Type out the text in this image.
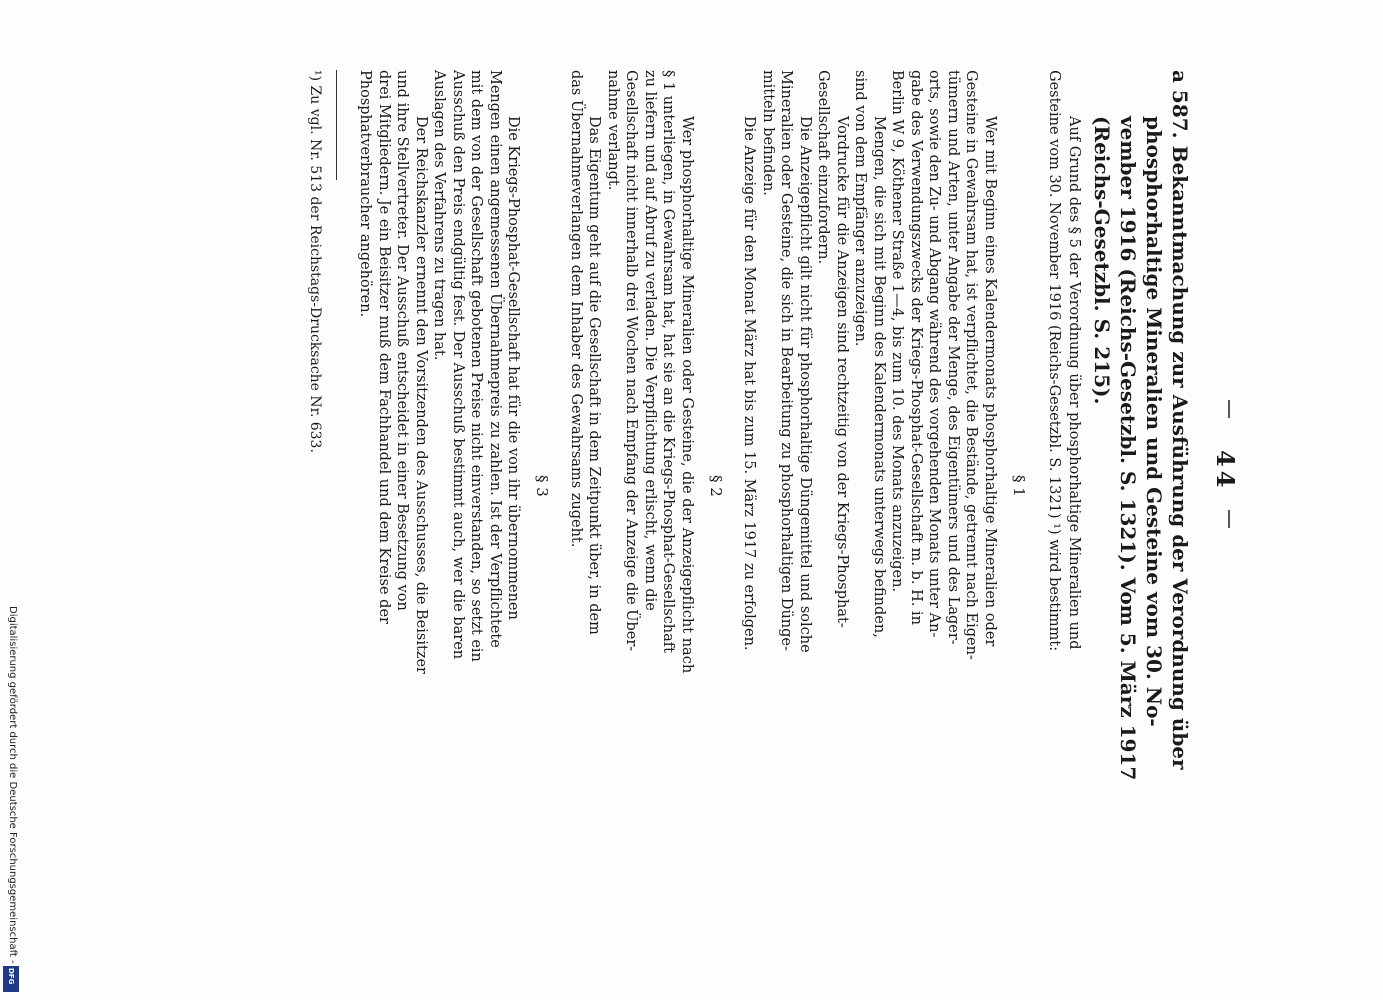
44
a 587. Bekanntmachung zur Ausführung der Verordnung über
phosphorhaltige Mineralien und Gesteine vom 30. No-
vember 1916 (Reichs-Gesetzbl. S. 1321). Vom 5. März 1917
(Reichs-Gesetzbl. S. 215).
Auf Grund des § 5 der Verordnung über phosphorhaltige Mineralien und
Gesteine vom 30. November 1916 (Reichs-Gesetzbl. S. 1321) ¹) wird bestimmt:
§ 1
Wer mit Beginn eines Kalendermonats phosphorhaltige Mineralien oder
Gesteine in Gewahrsam hat, ist verpflichtet, die Bestände, getrennt nach Eigen-
tümern und Arten, unter Angabe der Menge, des Eigentümers und des Lager-
orts, sowie den Zu- und Abgang während des vorgehenden Monats unter An-
gabe des Verwendungszwecks der Kriegs-Phosphat-Gesellschaft m. b. H. in
Berlin W 9, Köthener Straße 1—4, bis zum 10. des Monats anzuzeigen.
Mengen, die sich mit Beginn des Kalendermonats unterwegs befinden,
sind von dem Empfänger anzuzeigen.
Vordrucke für die Anzeigen sind rechtzeitig von der Kriegs-Phosphat-
Gesellschaft einzufordern.
Die Anzeigepflicht gilt nicht für phosphorhaltige Düngemittel und solche
Mineralien oder Gesteine, die sich in Bearbeitung zu phosphorhaltigen Dünge-
mitteln befinden.
Die Anzeige für den Monat März hat bis zum 15. März 1917 zu erfolgen.
§ 2
Wer phosphorhaltige Mineralien oder Gesteine, die der Anzeigepflicht nach
§ 1 unterliegen, in Gewahrsam hat, hat sie an die Kriegs-Phosphat-Gesellschaft
zu liefern und auf Abruf zu verladen. Die Verpflichtung erlischt, wenn die
Gesellschaft nicht innerhalb drei Wochen nach Empfang der Anzeige die Über-
nahme verlangt.
Das Eigentum geht auf die Gesellschaft in dem Zeitpunkt über, in dem
das Übernahmeverlangen dem Inhaber des Gewahrsams zugeht.
§ 3
Die Kriegs-Phosphat-Gesellschaft hat für die von ihr übernommenen
Mengen einen angemessenen Übernahmepreis zu zahlen. Ist der Verpflichtete
mit dem von der Gesellschaft gebotenen Preise nicht einverstanden, so setzt ein
Ausschuß den Preis endgültig fest. Der Ausschuß bestimmt auch, wer die baren
Auslagen des Verfahrens zu tragen hat.
Der Reichskanzler ernennt den Vorsitzenden des Ausschusses, die Beisitzer
und ihre Stellvertreter. Der Ausschuß entscheidet in einer Besetzung von
drei Mitgliedern. Je ein Beisitzer muß dem Fachhandel und dem Kreise der
Phosphatverbraucher angehören.
¹) Zu vgl. Nr. 513 der Reichstags-Drucksache Nr. 633.
Digitalisierung gefördert durch die Deutsche Forschungsgemeinschaft -
DFG
